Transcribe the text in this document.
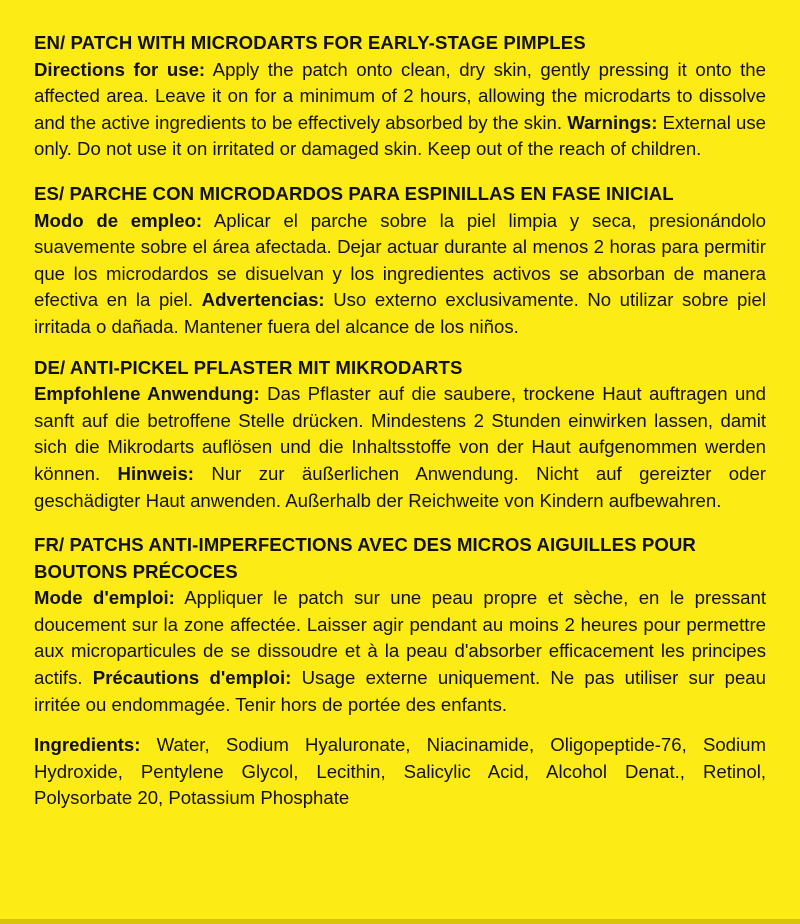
EN/ PATCH WITH MICRODARTS FOR EARLY-STAGE PIMPLES
Directions for use: Apply the patch onto clean, dry skin, gently pressing it onto the affected area. Leave it on for a minimum of 2 hours, allowing the microdarts to dissolve and the active ingredients to be effectively absorbed by the skin. Warnings: External use only. Do not use it on irritated or damaged skin. Keep out of the reach of children.
ES/ PARCHE CON MICRODARDOS PARA ESPINILLAS EN FASE INICIAL
Modo de empleo: Aplicar el parche sobre la piel limpia y seca, presionándolo suavemente sobre el área afectada. Dejar actuar durante al menos 2 horas para permitir que los microdardos se disuelvan y los ingredientes activos se absorban de manera efectiva en la piel. Advertencias: Uso externo exclusivamente. No utilizar sobre piel irritada o dañada. Mantener fuera del alcance de los niños.
DE/ ANTI-PICKEL PFLASTER MIT MIKRODARTS
Empfohlene Anwendung: Das Pflaster auf die saubere, trockene Haut auftragen und sanft auf die betroffene Stelle drücken. Mindestens 2 Stunden einwirken lassen, damit sich die Mikrodarts auflösen und die Inhaltsstoffe von der Haut aufgenommen werden können. Hinweis: Nur zur äußerlichen Anwendung. Nicht auf gereizter oder geschädigter Haut anwenden. Außerhalb der Reichweite von Kindern aufbewahren.
FR/ PATCHS ANTI-IMPERFECTIONS AVEC DES MICROS AIGUILLES POUR BOUTONS PRÉCOCES
Mode d'emploi: Appliquer le patch sur une peau propre et sèche, en le pressant doucement sur la zone affectée. Laisser agir pendant au moins 2 heures pour permettre aux microparticules de se dissoudre et à la peau d'absorber efficacement les principes actifs. Précautions d'emploi: Usage externe uniquement. Ne pas utiliser sur peau irritée ou endommagée. Tenir hors de portée des enfants.
Ingredients: Water, Sodium Hyaluronate, Niacinamide, Oligopeptide-76, Sodium Hydroxide, Pentylene Glycol, Lecithin, Salicylic Acid, Alcohol Denat., Retinol, Polysorbate 20, Potassium Phosphate
